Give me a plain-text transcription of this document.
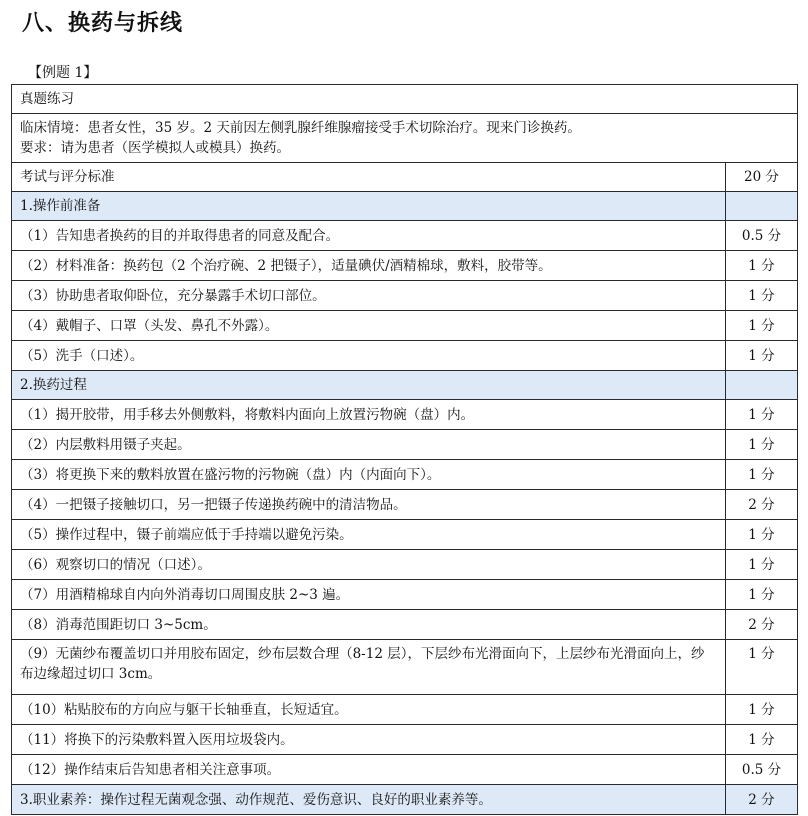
八、换药与拆线
【例题 1】
真题练习	

临床情境：患者女性，35 岁。2 天前因左侧乳腺纤维腺瘤接受手术切除治疗。现来门诊换药。
要求：请为患者（医学模拟人或模具）换药。	

考试与评分标准	20 分
1.操作前准备	
（1）告知患者换药的目的并取得患者的同意及配合。	0.5 分
（2）材料准备：换药包（2 个治疗碗、2 把镊子），适量碘伏/酒精棉球，敷料，胶带等。	1 分
（3）协助患者取仰卧位，充分暴露手术切口部位。	1 分
（4）戴帽子、口罩（头发、鼻孔不外露）。	1 分
（5）洗手（口述）。	1 分
2.换药过程	
（1）揭开胶带，用手移去外侧敷料，将敷料内面向上放置污物碗（盘）内。	1 分
（2）内层敷料用镊子夹起。	1 分
（3）将更换下来的敷料放置在盛污物的污物碗（盘）内（内面向下）。	1 分
（4）一把镊子接触切口，另一把镊子传递换药碗中的清洁物品。	2 分
（5）操作过程中，镊子前端应低于手持端以避免污染。	1 分
（6）观察切口的情况（口述）。	1 分
（7）用酒精棉球自内向外消毒切口周围皮肤 2~3 遍。	1 分
（8）消毒范围距切口 3~5cm。	2 分
（9）无菌纱布覆盖切口并用胶布固定，纱布层数合理（8-12 层），下层纱布光滑面向下，上层纱布光滑面向上，纱布边缘超过切口 3cm。	1 分
（10）粘贴胶布的方向应与躯干长轴垂直，长短适宜。	1 分
（11）将换下的污染敷料置入医用垃圾袋内。	1 分
（12）操作结束后告知患者相关注意事项。	0.5 分
3.职业素养：操作过程无菌观念强、动作规范、爱伤意识、良好的职业素养等。	2 分
